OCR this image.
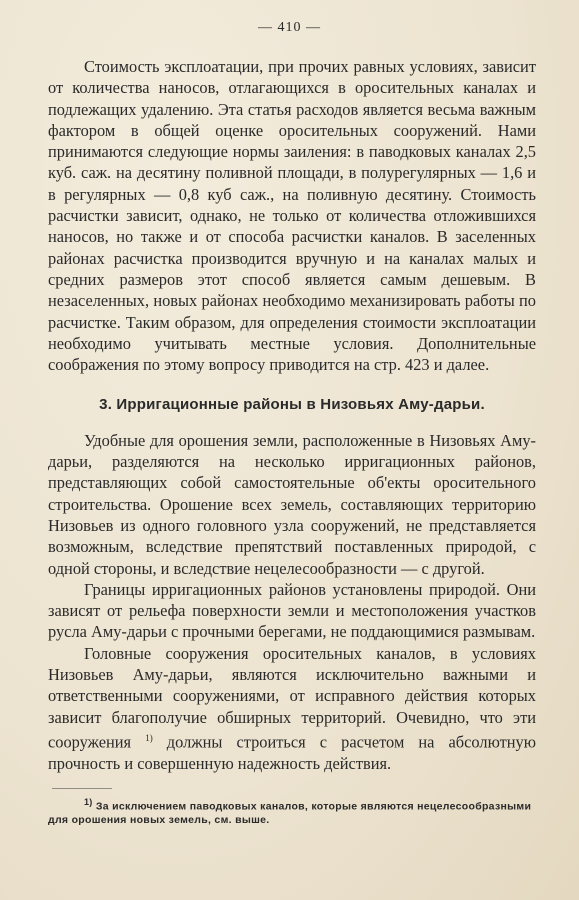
— 410 —

Стоимость эксплоатации, при прочих равных условиях, зависит от количества наносов, отлагающихся в оросительных каналах и подлежащих удалению. Эта статья расходов является весьма важным фактором в общей оценке оросительных сооружений. Нами принимаются следующие нормы заиления: в паводковых каналах 2,5 куб. саж. на десятину поливной площади, в полурегулярных — 1,6 и в регулярных — 0,8 куб саж., на поливную десятину. Стоимость расчистки зависит, однако, не только от количества отложившихся наносов, но также и от способа расчистки каналов. В заселенных районах расчистка производится вручную и на каналах малых и средних размеров этот способ является самым дешевым. В незаселенных, новых районах необходимо механизировать работы по расчистке. Таким образом, для определения стоимости эксплоатации необходимо учитывать местные условия. Дополнительные соображения по этому вопросу приводится на стр. 423 и далее.

3. Ирригационные районы в Низовьях Аму-дарьи.

Удобные для орошения земли, расположенные в Низовьях Аму-дарьи, разделяются на несколько ирригационных районов, представляющих собой самостоятельные об'екты оросительного строительства. Орошение всех земель, составляющих территорию Низовьев из одного головного узла сооружений, не представляется возможным, вследствие препятствий поставленных природой, с одной стороны, и вследствие нецелесообразности — с другой.

Границы ирригационных районов установлены природой. Они зависят от рельефа поверхности земли и местоположения участков русла Аму-дарьи с прочными берегами, не поддающимися размывам.

Головные сооружения оросительных каналов, в условиях Низовьев Аму-дарьи, являются исключительно важными и ответственными сооружениями, от исправного действия которых зависит благополучие обширных территорий. Очевидно, что эти сооружения $^{1)}$ должны строиться с расчетом на абсолютную прочность и совершенную надежность действия.

$^{1)}$ За исключением паводковых каналов, которые являются нецелесообразными для орошения новых земель, см. выше.
